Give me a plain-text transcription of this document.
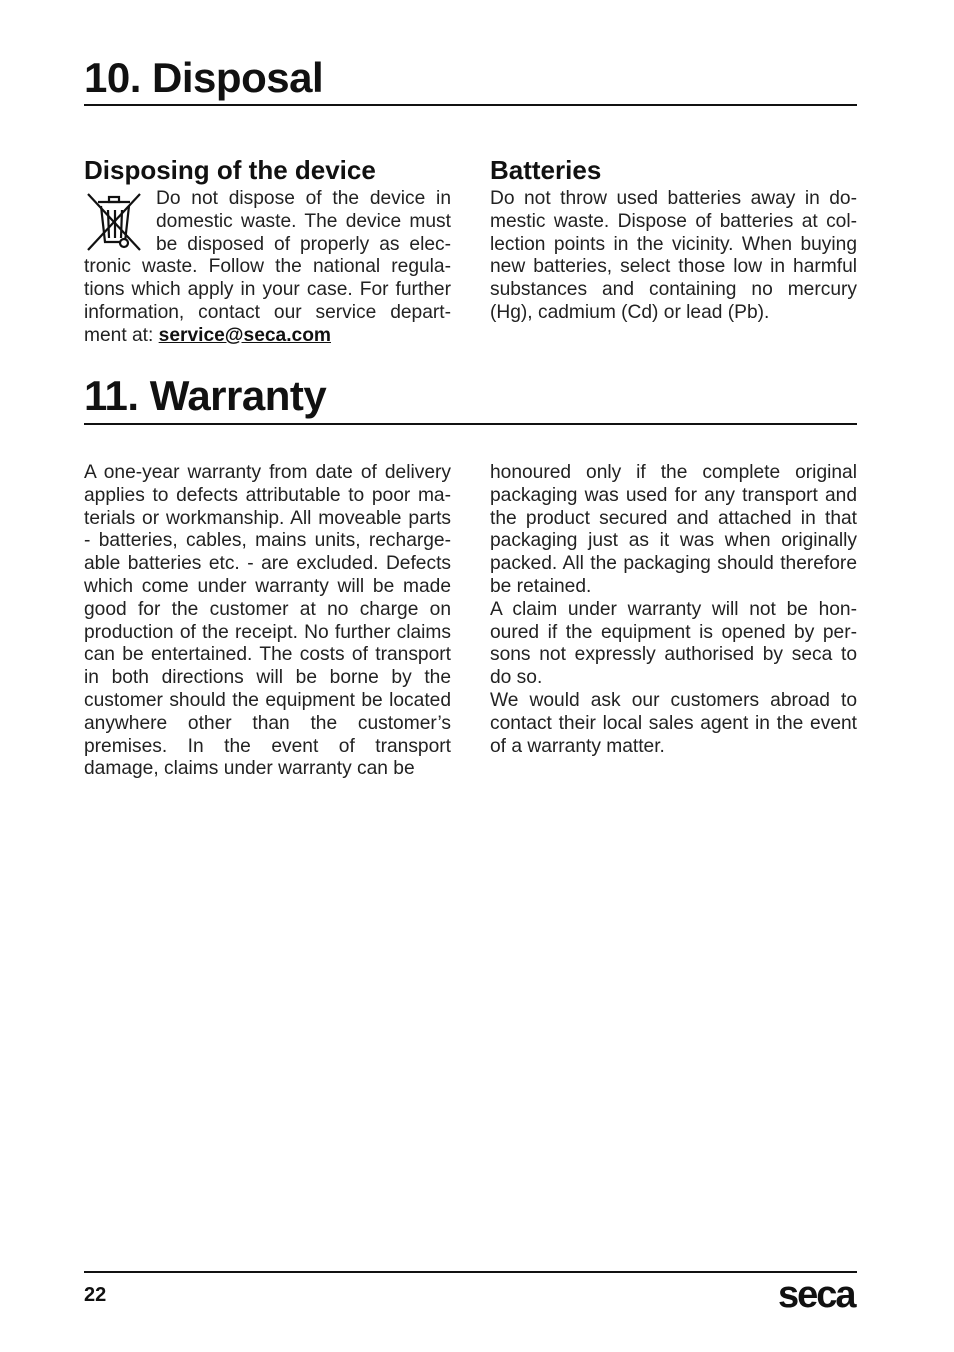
10. Disposal
Disposing of the device	Batteries
Do not dispose of the device in domestic waste. The device must be disposed of properly as electronic waste. Follow the national regulations which apply in your case. For further information, contact our service department at: service@seca.com
Do not throw used batteries away in domestic waste. Dispose of batteries at collection points in the vicinity. When buying new batteries, select those low in harmful substances and containing no mercury (Hg), cadmium (Cd) or lead (Pb).
11. Warranty
A one-year warranty from date of delivery applies to defects attributable to poor materials or workmanship. All moveable parts - batteries, cables, mains units, rechargeable batteries etc. - are excluded. Defects which come under warranty will be made good for the customer at no charge on production of the receipt. No further claims can be entertained. The costs of transport in both directions will be borne by the customer should the equipment be located anywhere other than the customer’s premises. In the event of transport damage, claims under warranty can be

honoured only if the complete original packaging was used for any transport and the product secured and attached in that packaging just as it was when originally packed. All the packaging should therefore be retained.

A claim under warranty will not be honoured if the equipment is opened by persons not expressly authorised by seca to do so.

We would ask our customers abroad to contact their local sales agent in the event of a warranty matter.

22	seca
